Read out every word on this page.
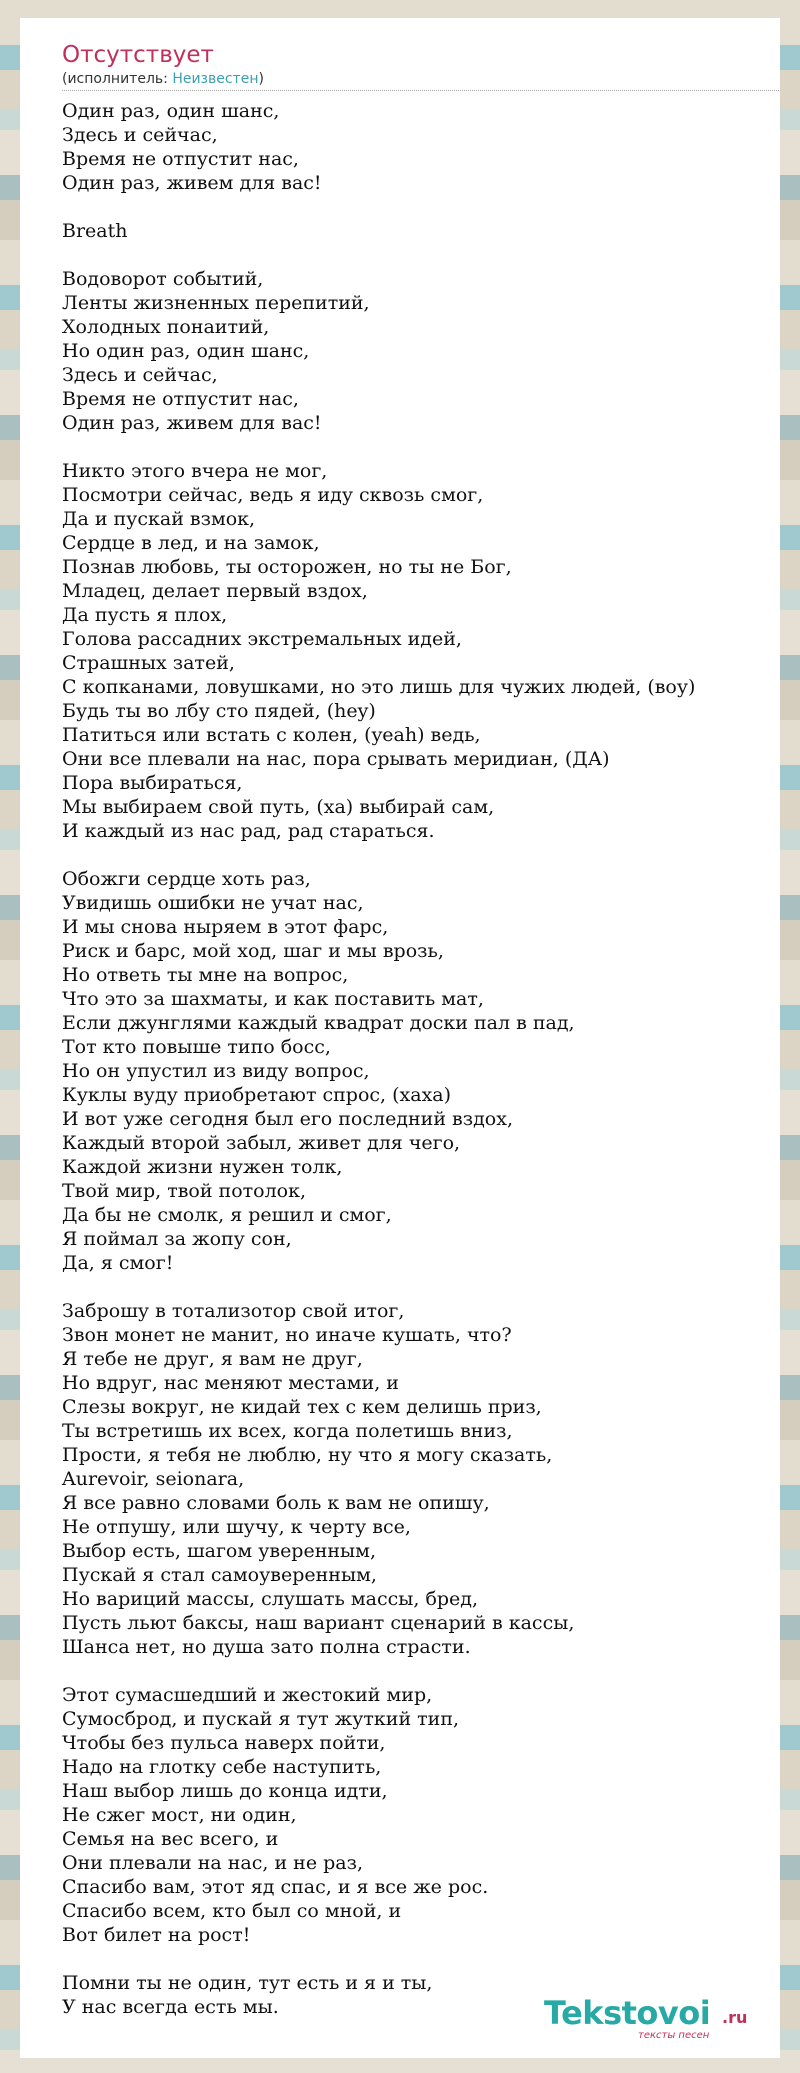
Отсутствует
(исполнитель: Неизвестен)
Один раз, один шанс,
Здесь и сейчас,
Время не отпустит нас,
Один раз, живем для вас!

Breath

Водоворот событий,
Ленты жизненных перепитий,
Холодных понаитий,
Но один раз, один шанс,
Здесь и сейчас,
Время не отпустит нас,
Один раз, живем для вас!

Никто этого вчера не мог,
Посмотри сейчас, ведь я иду сквозь смог,
Да и пускай взмок,
Сердце в лед, и на замок,
Познав любовь, ты осторожен, но ты не Бог,
Младец, делает первый вздох,
Да пусть я плох,
Голова рассадних экстремальных идей,
Страшных затей,
С копканами, ловушками, но это лишь для чужих людей, (воу)
Будь ты во лбу сто пядей, (hey)
Патиться или встать с колен, (yeah) ведь,
Они все плевали на нас, пора срывать меридиан, (ДА)
Пора выбираться,
Мы выбираем свой путь, (ха) выбирай сам,
И каждый из нас рад, рад стараться.

Обожги сердце хоть раз,
Увидишь ошибки не учат нас,
И мы снова ныряем в этот фарс,
Риск и барс, мой ход, шаг и мы врозь,
Но ответь ты мне на вопрос,
Что это за шахматы, и как поставить мат,
Если джунглями каждый квадрат доски пал в пад,
Тот кто повыше типо босс,
Но он упустил из виду вопрос,
Куклы вуду приобретают спрос, (хаха)
И вот уже сегодня был его последний вздох,
Каждый второй забыл, живет для чего,
Каждой жизни нужен толк,
Твой мир, твой потолок,
Да бы не смолк, я решил и смог,
Я поймал за жопу сон,
Да, я смог!

Заброшу в тотализотор свой итог,
Звон монет не манит, но иначе кушать, что?
Я тебе не друг, я вам не друг,
Но вдруг, нас меняют местами, и
Слезы вокруг, не кидай тех с кем делишь приз,
Ты встретишь их всех, когда полетишь вниз,
Прости, я тебя не люблю, ну что я могу сказать,
Aurevoir, seionara,
Я все равно словами боль к вам не опишу,
Не отпушу, или шучу, к черту все,
Выбор есть, шагом уверенным,
Пускай я стал самоуверенным,
Но вариций массы, слушать массы, бред,
Пусть льют баксы, наш вариант сценарий в кассы,
Шанса нет, но душа зато полна страсти.

Этот сумасшедший и жестокий мир,
Сумосброд, и пускай я тут жуткий тип,
Чтобы без пульса наверх пойти,
Надо на глотку себе наступить,
Наш выбор лишь до конца идти,
Не сжег мост, ни один,
Семья на вес всего, и
Они плевали на нас, и не раз,
Спасибо вам, этот яд спас, и я все же рос.
Спасибо всем, кто был со мной, и
Вот билет на рост!

Помни ты не один, тут есть и я и ты,
У нас всегда есть мы.	Tekstovoi .ru
тексты песен
